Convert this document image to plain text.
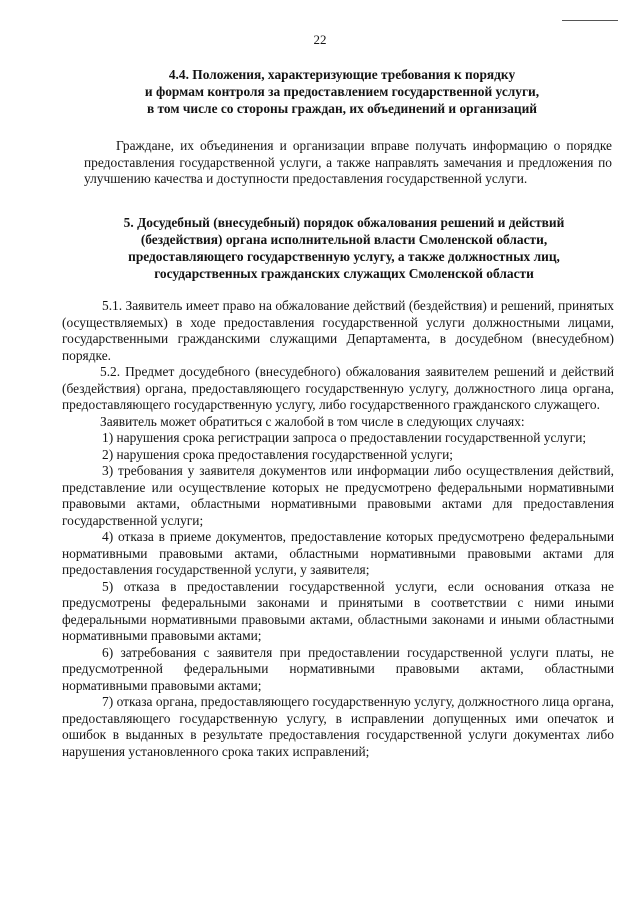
22
4.4. Положения, характеризующие требования к порядку
и формам контроля за предоставлением государственной услуги,
в том числе со стороны граждан, их объединений и организаций

Граждане, их объединения и организации вправе получать информацию о порядке предоставления государственной услуги, а также направлять замечания и предложения по улучшению качества и доступности предоставления государственной услуги.

5. Досудебный (внесудебный) порядок обжалования решений и действий
(бездействия) органа исполнительной власти Смоленской области,
предоставляющего государственную услугу, а также должностных лиц,
государственных гражданских служащих Смоленской области

5.1. Заявитель имеет право на обжалование действий (бездействия) и решений, принятых (осуществляемых) в ходе предоставления государственной услуги должностными лицами, государственными гражданскими служащими Департамента, в досудебном (внесудебном) порядке.

5.2. Предмет досудебного (внесудебного) обжалования заявителем решений и действий (бездействия) органа, предоставляющего государственную услугу, должностного лица органа, предоставляющего государственную услугу, либо государственного гражданского служащего.

Заявитель может обратиться с жалобой в том числе в следующих случаях:

1) нарушения срока регистрации запроса о предоставлении государственной услуги;

2) нарушения срока предоставления государственной услуги;

3) требования у заявителя документов или информации либо осуществления действий, представление или осуществление которых не предусмотрено федеральными нормативными правовыми актами, областными нормативными правовыми актами для предоставления государственной услуги;

4) отказа в приеме документов, предоставление которых предусмотрено федеральными нормативными правовыми актами, областными нормативными правовыми актами для предоставления государственной услуги, у заявителя;

5) отказа в предоставлении государственной услуги, если основания отказа не предусмотрены федеральными законами и принятыми в соответствии с ними иными федеральными нормативными правовыми актами, областными законами и иными областными нормативными правовыми актами;

6) затребования с заявителя при предоставлении государственной услуги платы, не предусмотренной федеральными нормативными правовыми актами, областными нормативными правовыми актами;

7) отказа органа, предоставляющего государственную услугу, должностного лица органа, предоставляющего государственную услугу, в исправлении допущенных ими опечаток и ошибок в выданных в результате предоставления государственной услуги документах либо нарушения установленного срока таких исправлений;
